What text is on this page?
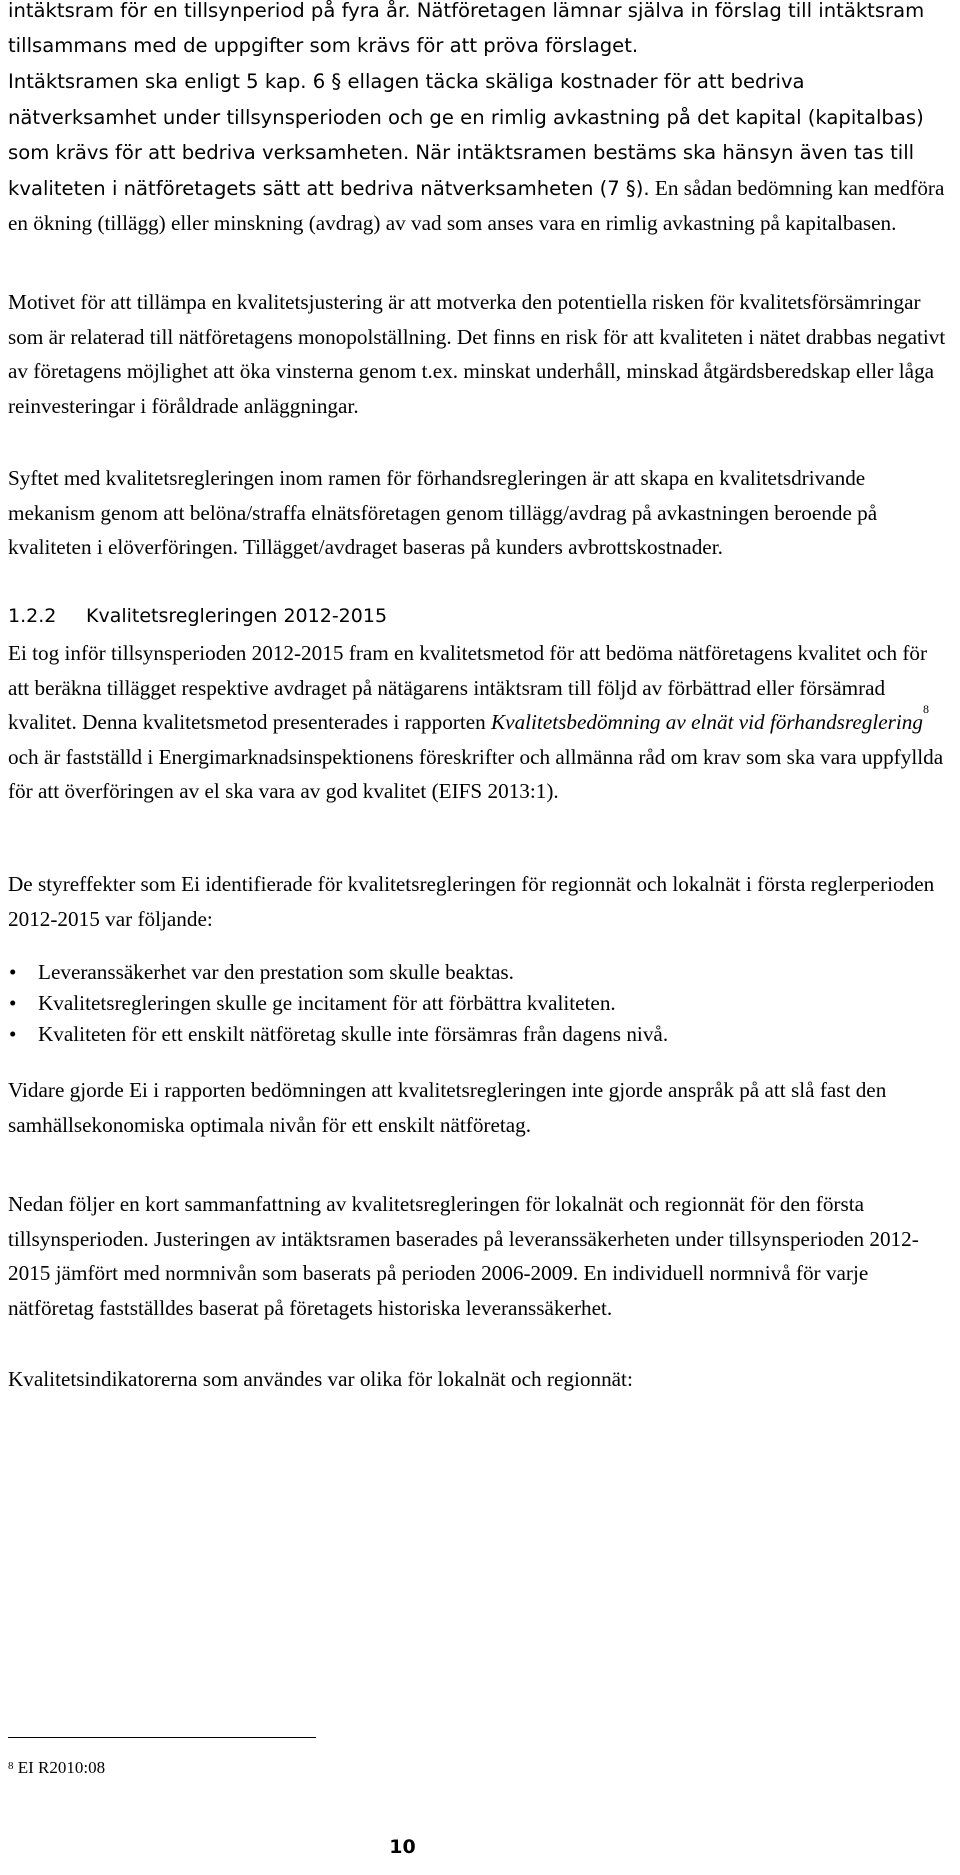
intäktsram för en tillsynperiod på fyra år. Nätföretagen lämnar själva in förslag till intäktsram tillsammans med de uppgifter som krävs för att pröva förslaget.

Intäktsramen ska enligt 5 kap. 6 § ellagen täcka skäliga kostnader för att bedriva nätverksamhet under tillsynsperioden och ge en rimlig avkastning på det kapital (kapitalbas) som krävs för att bedriva verksamheten. När intäktsramen bestäms ska hänsyn även tas till kvaliteten i nätföretagets sätt att bedriva nätverksamheten (7 §). En sådan bedömning kan medföra en ökning (tillägg) eller minskning (avdrag) av vad som anses vara en rimlig avkastning på kapitalbasen.

Motivet för att tillämpa en kvalitetsjustering är att motverka den potentiella risken för kvalitetsförsämringar som är relaterad till nätföretagens monopolställning. Det finns en risk för att kvaliteten i nätet drabbas negativt av företagens möjlighet att öka vinsterna genom t.ex. minskat underhåll, minskad åtgärdsberedskap eller låga reinvesteringar i föråldrade anläggningar.

Syftet med kvalitetsregleringen inom ramen för förhandsregleringen är att skapa en kvalitetsdrivande mekanism genom att belöna/straffa elnätsföretagen genom tillägg/avdrag på avkastningen beroende på kvaliteten i elöverföringen. Tillägget/avdraget baseras på kunders avbrottskostnader.

1.2.2 Kvalitetsregleringen 2012-2015

Ei tog inför tillsynsperioden 2012-2015 fram en kvalitetsmetod för att bedöma nätföretagens kvalitet och för att beräkna tillägget respektive avdraget på nätägarens intäktsram till följd av förbättrad eller försämrad kvalitet. Denna kvalitetsmetod presenterades i rapporten Kvalitetsbedömning av elnät vid förhandsreglering$^8$ och är fastställd i Energimarknadsinspektionens föreskrifter och allmänna råd om krav som ska vara uppfyllda för att överföringen av el ska vara av god kvalitet (EIFS 2013:1).

De styreffekter som Ei identifierade för kvalitetsregleringen för regionnät och lokalnät i första reglerperioden 2012-2015 var följande:

• Leveranssäkerhet var den prestation som skulle beaktas.
• Kvalitetsregleringen skulle ge incitament för att förbättra kvaliteten.
• Kvaliteten för ett enskilt nätföretag skulle inte försämras från dagens nivå.

Vidare gjorde Ei i rapporten bedömningen att kvalitetsregleringen inte gjorde anspråk på att slå fast den samhällsekonomiska optimala nivån för ett enskilt nätföretag.

Nedan följer en kort sammanfattning av kvalitetsregleringen för lokalnät och regionnät för den första tillsynsperioden. Justeringen av intäktsramen baserades på leveranssäkerheten under tillsynsperioden 2012-2015 jämfört med normnivån som baserats på perioden 2006-2009. En individuell normnivå för varje nätföretag fastställdes baserat på företagets historiska leveranssäkerhet.

Kvalitetsindikatorerna som användes var olika för lokalnät och regionnät:

$^8$ EI R2010:08
10
